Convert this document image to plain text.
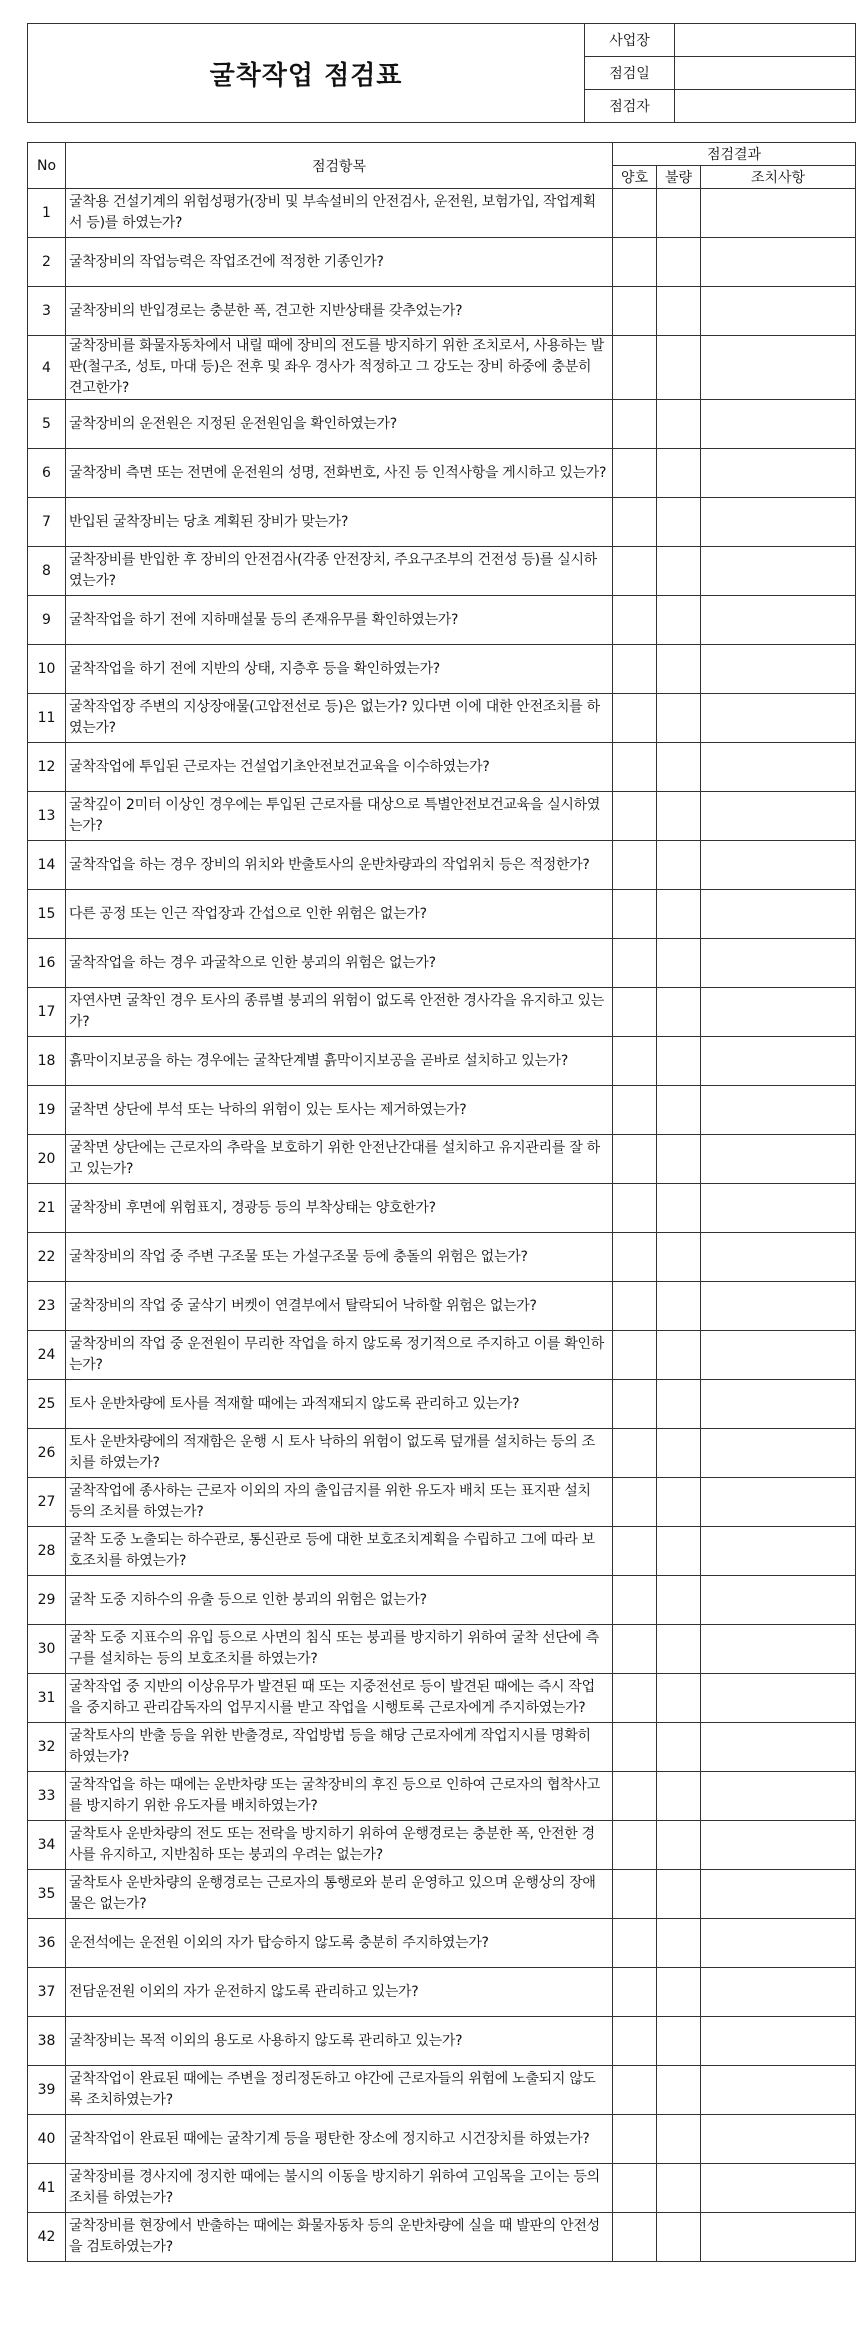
굴착작업 점검표	사업장	
	점검일	
	점검자	
No	점검항목	점검결과		
		양호	불량	조치사항
1	굴착용 건설기계의 위험성평가(장비 및 부속설비의 안전검사, 운전원, 보험가입, 작업계획서 등)를 하였는가?			
2	굴착장비의 작업능력은 작업조건에 적정한 기종인가?			
3	굴착장비의 반입경로는 충분한 폭, 견고한 지반상태를 갖추었는가?			
4	굴착장비를 화물자동차에서 내릴 때에 장비의 전도를 방지하기 위한 조치로서, 사용하는 발판(철구조, 성토, 마대 등)은 전후 및 좌우 경사가 적정하고 그 강도는 장비 하중에 충분히 견고한가?			
5	굴착장비의 운전원은 지정된 운전원임을 확인하였는가?			
6	굴착장비 측면 또는 전면에 운전원의 성명, 전화번호, 사진 등 인적사항을 게시하고 있는가?			
7	반입된 굴착장비는 당초 계획된 장비가 맞는가?			
8	굴착장비를 반입한 후 장비의 안전검사(각종 안전장치, 주요구조부의 건전성 등)를 실시하였는가?			
9	굴착작업을 하기 전에 지하매설물 등의 존재유무를 확인하였는가?			
10	굴착작업을 하기 전에 지반의 상태, 지층후 등을 확인하였는가?			
11	굴착작업장 주변의 지상장애물(고압전선로 등)은 없는가? 있다면 이에 대한 안전조치를 하였는가?			
12	굴착작업에 투입된 근로자는 건설업기초안전보건교육을 이수하였는가?			
13	굴착깊이 2미터 이상인 경우에는 투입된 근로자를 대상으로 특별안전보건교육을 실시하였는가?			
14	굴착작업을 하는 경우 장비의 위치와 반출토사의 운반차량과의 작업위치 등은 적정한가?			
15	다른 공정 또는 인근 작업장과 간섭으로 인한 위험은 없는가?			
16	굴착작업을 하는 경우 과굴착으로 인한 붕괴의 위험은 없는가?			
17	자연사면 굴착인 경우 토사의 종류별 붕괴의 위험이 없도록 안전한 경사각을 유지하고 있는가?			
18	흙막이지보공을 하는 경우에는 굴착단계별 흙막이지보공을 곧바로 설치하고 있는가?			
19	굴착면 상단에 부석 또는 낙하의 위험이 있는 토사는 제거하였는가?			
20	굴착면 상단에는 근로자의 추락을 보호하기 위한 안전난간대를 설치하고 유지관리를 잘 하고 있는가?			
21	굴착장비 후면에 위험표지, 경광등 등의 부착상태는 양호한가?			
22	굴착장비의 작업 중 주변 구조물 또는 가설구조물 등에 충돌의 위험은 없는가?			
23	굴착장비의 작업 중 굴삭기 버켓이 연결부에서 탈락되어 낙하할 위험은 없는가?			
24	굴착장비의 작업 중 운전원이 무리한 작업을 하지 않도록 정기적으로 주지하고 이를 확인하는가?			
25	토사 운반차량에 토사를 적재할 때에는 과적재되지 않도록 관리하고 있는가?			
26	토사 운반차량에의 적재함은 운행 시 토사 낙하의 위험이 없도록 덮개를 설치하는 등의 조치를 하였는가?			
27	굴착작업에 종사하는 근로자 이외의 자의 출입금지를 위한 유도자 배치 또는 표지판 설치 등의 조치를 하였는가?			
28	굴착 도중 노출되는 하수관로, 통신관로 등에 대한 보호조치계획을 수립하고 그에 따라 보호조치를 하였는가?			
29	굴착 도중 지하수의 유출 등으로 인한 붕괴의 위험은 없는가?			
30	굴착 도중 지표수의 유입 등으로 사면의 침식 또는 붕괴를 방지하기 위하여 굴착 선단에 측구를 설치하는 등의 보호조치를 하였는가?			
31	굴착작업 중 지반의 이상유무가 발견된 때 또는 지중전선로 등이 발견된 때에는 즉시 작업을 중지하고 관리감독자의 업무지시를 받고 작업을 시행토록 근로자에게 주지하였는가?			
32	굴착토사의 반출 등을 위한 반출경로, 작업방법 등을 해당 근로자에게 작업지시를 명확히 하였는가?			
33	굴착작업을 하는 때에는 운반차량 또는 굴착장비의 후진 등으로 인하여 근로자의 협착사고를 방지하기 위한 유도자를 배치하였는가?			
34	굴착토사 운반차량의 전도 또는 전락을 방지하기 위하여 운행경로는 충분한 폭, 안전한 경사를 유지하고, 지반침하 또는 붕괴의 우려는 없는가?			
35	굴착토사 운반차량의 운행경로는 근로자의 통행로와 분리 운영하고 있으며 운행상의 장애물은 없는가?			
36	운전석에는 운전원 이외의 자가 탑승하지 않도록 충분히 주지하였는가?			
37	전담운전원 이외의 자가 운전하지 않도록 관리하고 있는가?			
38	굴착장비는 목적 이외의 용도로 사용하지 않도록 관리하고 있는가?			
39	굴착작업이 완료된 때에는 주변을 정리정돈하고 야간에 근로자들의 위험에 노출되지 않도록 조치하였는가?			
40	굴착작업이 완료된 때에는 굴착기계 등을 평탄한 장소에 정지하고 시건장치를 하였는가?			
41	굴착장비를 경사지에 정지한 때에는 불시의 이동을 방지하기 위하여 고임목을 고이는 등의 조치를 하였는가?			
42	굴착장비를 현장에서 반출하는 때에는 화물자동차 등의 운반차량에 실을 때 발판의 안전성을 검토하였는가?			
